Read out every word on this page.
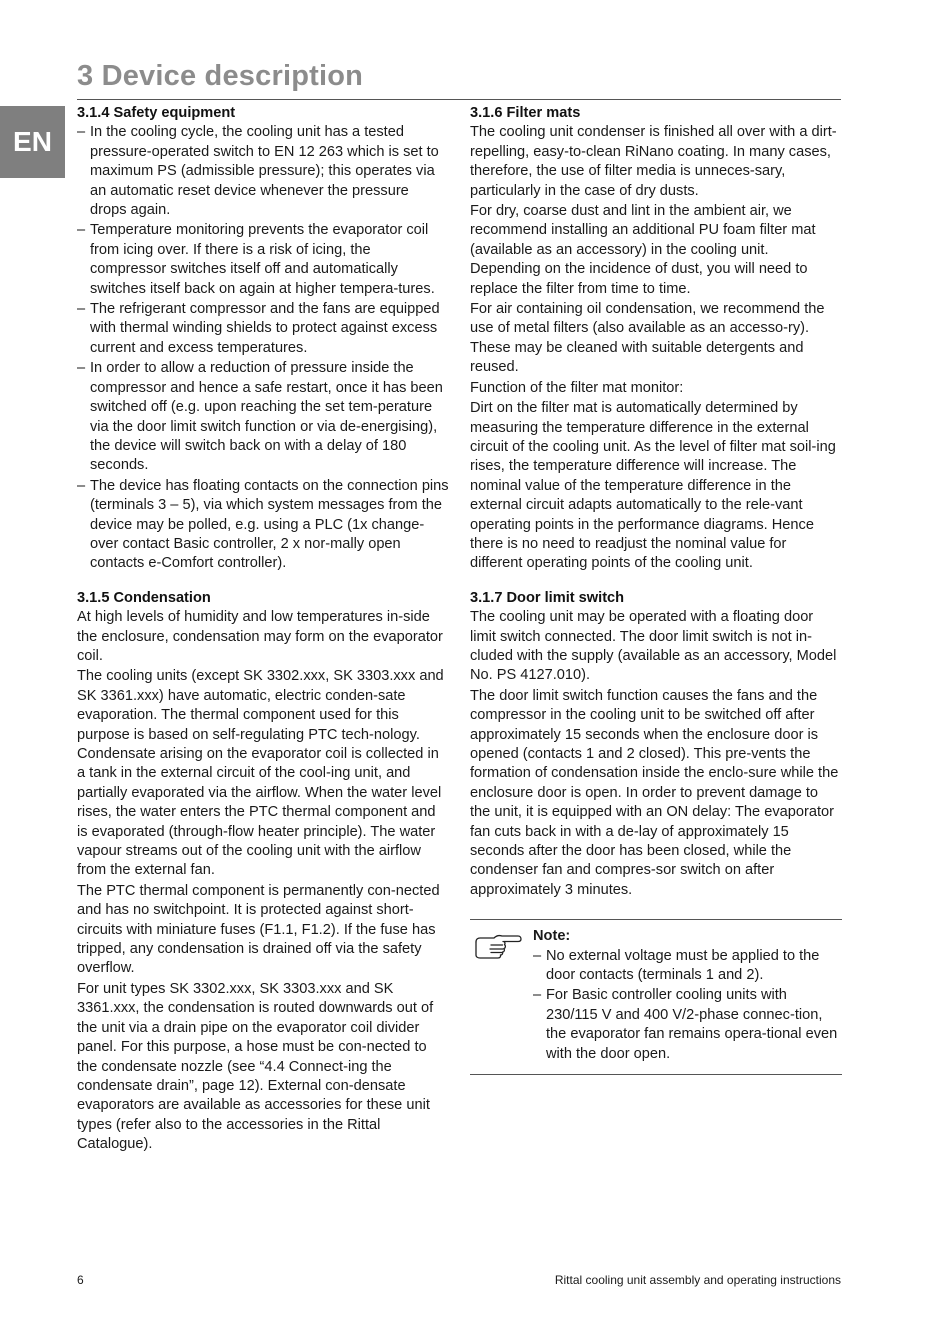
3 Device description
EN
3.1.4 Safety equipment
– In the cooling cycle, the cooling unit has a tested pressure-operated switch to EN 12 263 which is set to maximum PS (admissible pressure); this operates via an automatic reset device whenever the pressure drops again.
– Temperature monitoring prevents the evaporator coil from icing over. If there is a risk of icing, the compressor switches itself off and automatically switches itself back on again at higher tempera-tures.
– The refrigerant compressor and the fans are equipped with thermal winding shields to protect against excess current and excess temperatures.
– In order to allow a reduction of pressure inside the compressor and hence a safe restart, once it has been switched off (e.g. upon reaching the set tem-perature via the door limit switch function or via de-energising), the device will switch back on with a delay of 180 seconds.
– The device has floating contacts on the connection pins (terminals 3 – 5), via which system messages from the device may be polled, e.g. using a PLC (1x change-over contact Basic controller, 2 x nor-mally open contacts e-Comfort controller).
3.1.5 Condensation

At high levels of humidity and low temperatures in-side the enclosure, condensation may form on the evaporator coil.

The cooling units (except SK 3302.xxx, SK 3303.xxx and SK 3361.xxx) have automatic, electric conden-sate evaporation. The thermal component used for this purpose is based on self-regulating PTC tech-nology. Condensate arising on the evaporator coil is collected in a tank in the external circuit of the cool-ing unit, and partially evaporated via the airflow. When the water level rises, the water enters the PTC thermal component and is evaporated (through-flow heater principle). The water vapour streams out of the cooling unit with the airflow from the external fan.

The PTC thermal component is permanently con-nected and has no switchpoint. It is protected against short-circuits with miniature fuses (F1.1, F1.2). If the fuse has tripped, any condensation is drained off via the safety overflow.

For unit types SK 3302.xxx, SK 3303.xxx and SK 3361.xxx, the condensation is routed downwards out of the unit via a drain pipe on the evaporator coil divider panel. For this purpose, a hose must be con-nected to the condensate nozzle (see “4.4 Connect-ing the condensate drain”, page 12). External con-densate evaporators are available as accessories for these unit types (refer also to the accessories in the Rittal Catalogue).

3.1.6 Filter mats

The cooling unit condenser is finished all over with a dirt-repelling, easy-to-clean RiNano coating. In many cases, therefore, the use of filter media is unneces-sary, particularly in the case of dry dusts.

For dry, coarse dust and lint in the ambient air, we recommend installing an additional PU foam filter mat (available as an accessory) in the cooling unit. Depending on the incidence of dust, you will need to replace the filter from time to time.

For air containing oil condensation, we recommend the use of metal filters (also available as an accesso-ry). These may be cleaned with suitable detergents and reused.

Function of the filter mat monitor:

Dirt on the filter mat is automatically determined by measuring the temperature difference in the external circuit of the cooling unit. As the level of filter mat soil-ing rises, the temperature difference will increase. The nominal value of the temperature difference in the external circuit adapts automatically to the rele-vant operating points in the performance diagrams. Hence there is no need to readjust the nominal value for different operating points of the cooling unit.

3.1.7 Door limit switch

The cooling unit may be operated with a floating door limit switch connected. The door limit switch is not in-cluded with the supply (available as an accessory, Model No. PS 4127.010).

The door limit switch function causes the fans and the compressor in the cooling unit to be switched off after approximately 15 seconds when the enclosure door is opened (contacts 1 and 2 closed). This pre-vents the formation of condensation inside the enclo-sure while the enclosure door is open. In order to prevent damage to the unit, it is equipped with an ON delay: The evaporator fan cuts back in with a de-lay of approximately 15 seconds after the door has been closed, while the condenser fan and compres-sor switch on after approximately 3 minutes.

Note:
– No external voltage must be applied to the door contacts (terminals 1 and 2).
– For Basic controller cooling units with 230/115 V and 400 V/2-phase connec-tion, the evaporator fan remains opera-tional even with the door open.
6	Rittal cooling unit assembly and operating instructions
